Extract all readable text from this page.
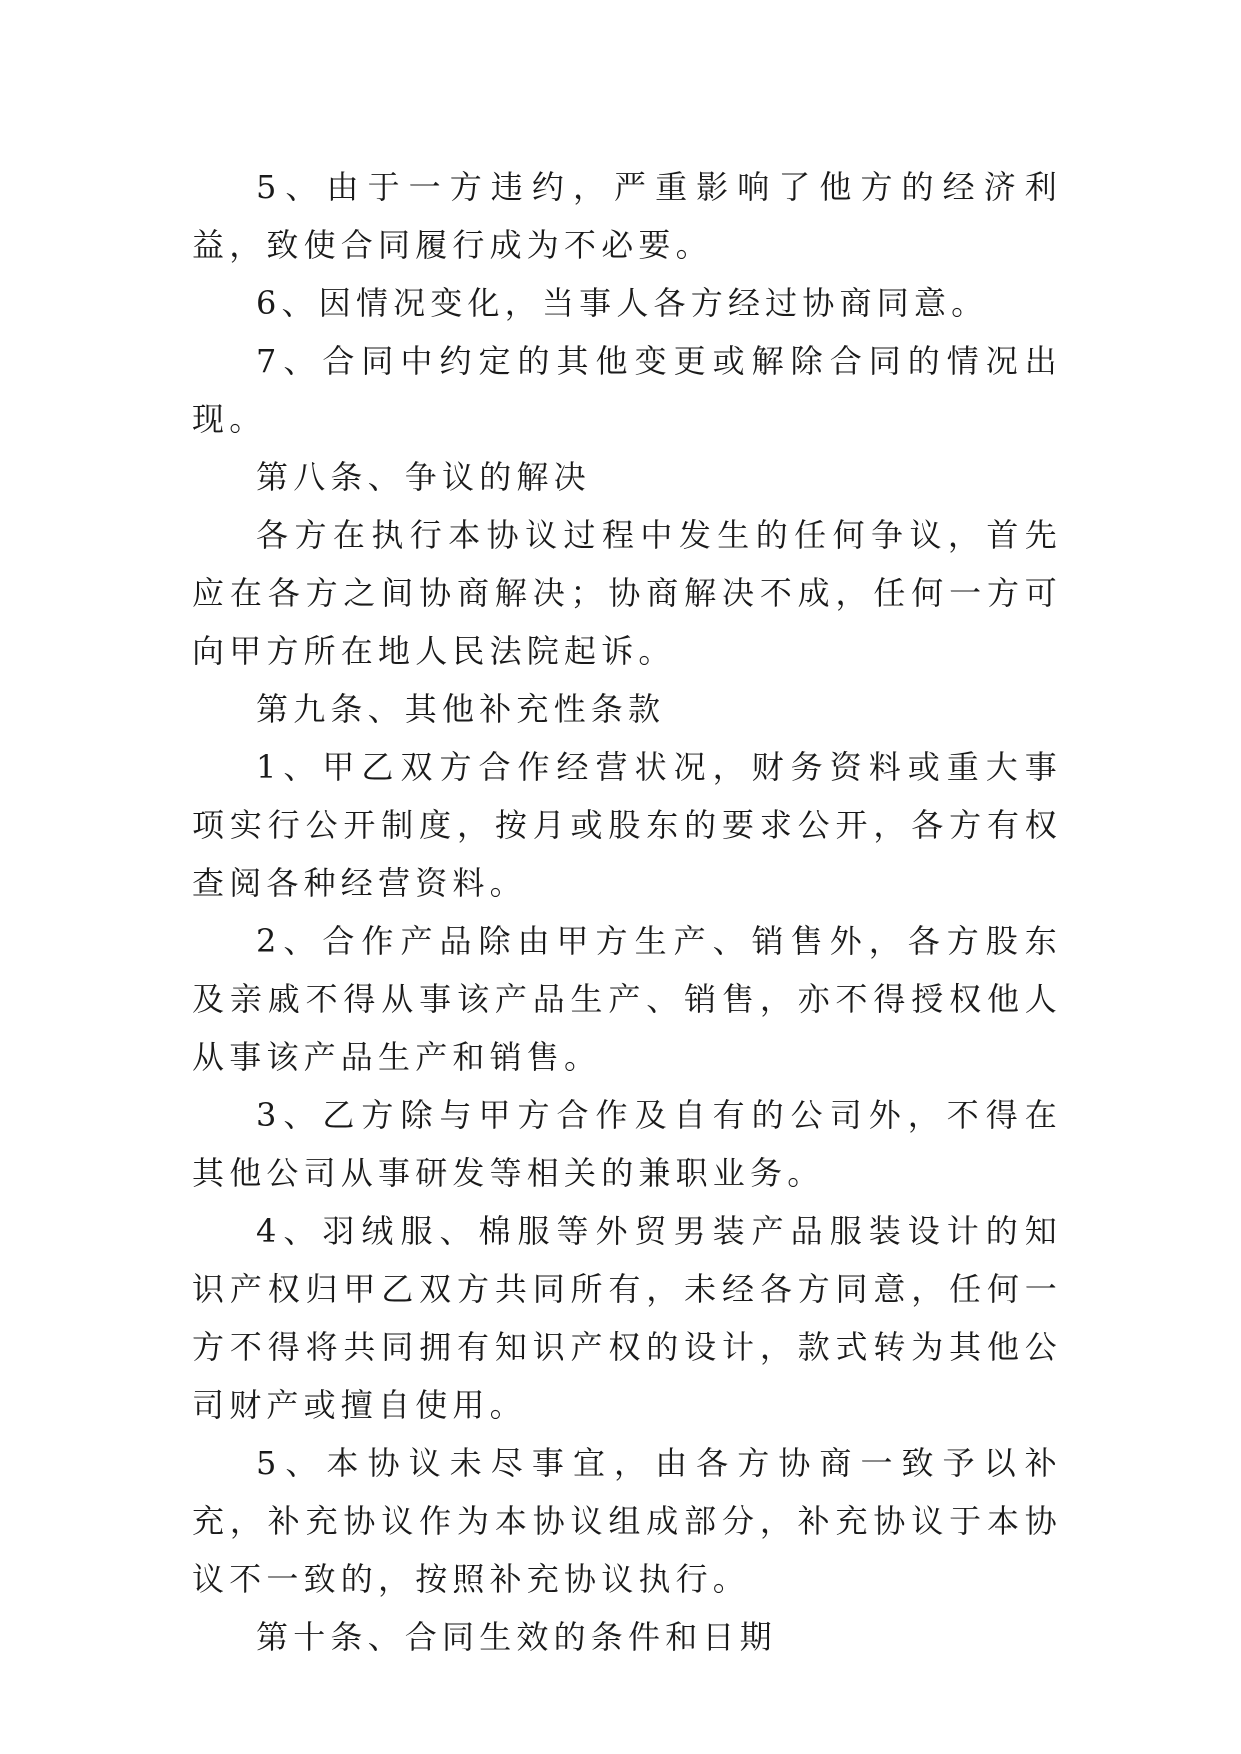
5、由于一方违约，严重影响了他方的经济利益，致使合同履行成为不必要。

6、因情况变化，当事人各方经过协商同意。

7、合同中约定的其他变更或解除合同的情况出现。

第八条、争议的解决

各方在执行本协议过程中发生的任何争议，首先应在各方之间协商解决；协商解决不成，任何一方可向甲方所在地人民法院起诉。

第九条、其他补充性条款

1、甲乙双方合作经营状况，财务资料或重大事项实行公开制度，按月或股东的要求公开，各方有权查阅各种经营资料。

2、合作产品除由甲方生产、销售外，各方股东及亲戚不得从事该产品生产、销售，亦不得授权他人从事该产品生产和销售。

3、乙方除与甲方合作及自有的公司外，不得在其他公司从事研发等相关的兼职业务。

4、羽绒服、棉服等外贸男装产品服装设计的知识产权归甲乙双方共同所有，未经各方同意，任何一方不得将共同拥有知识产权的设计，款式转为其他公司财产或擅自使用。

5、本协议未尽事宜，由各方协商一致予以补充，补充协议作为本协议组成部分，补充协议于本协议不一致的，按照补充协议执行。

第十条、合同生效的条件和日期
